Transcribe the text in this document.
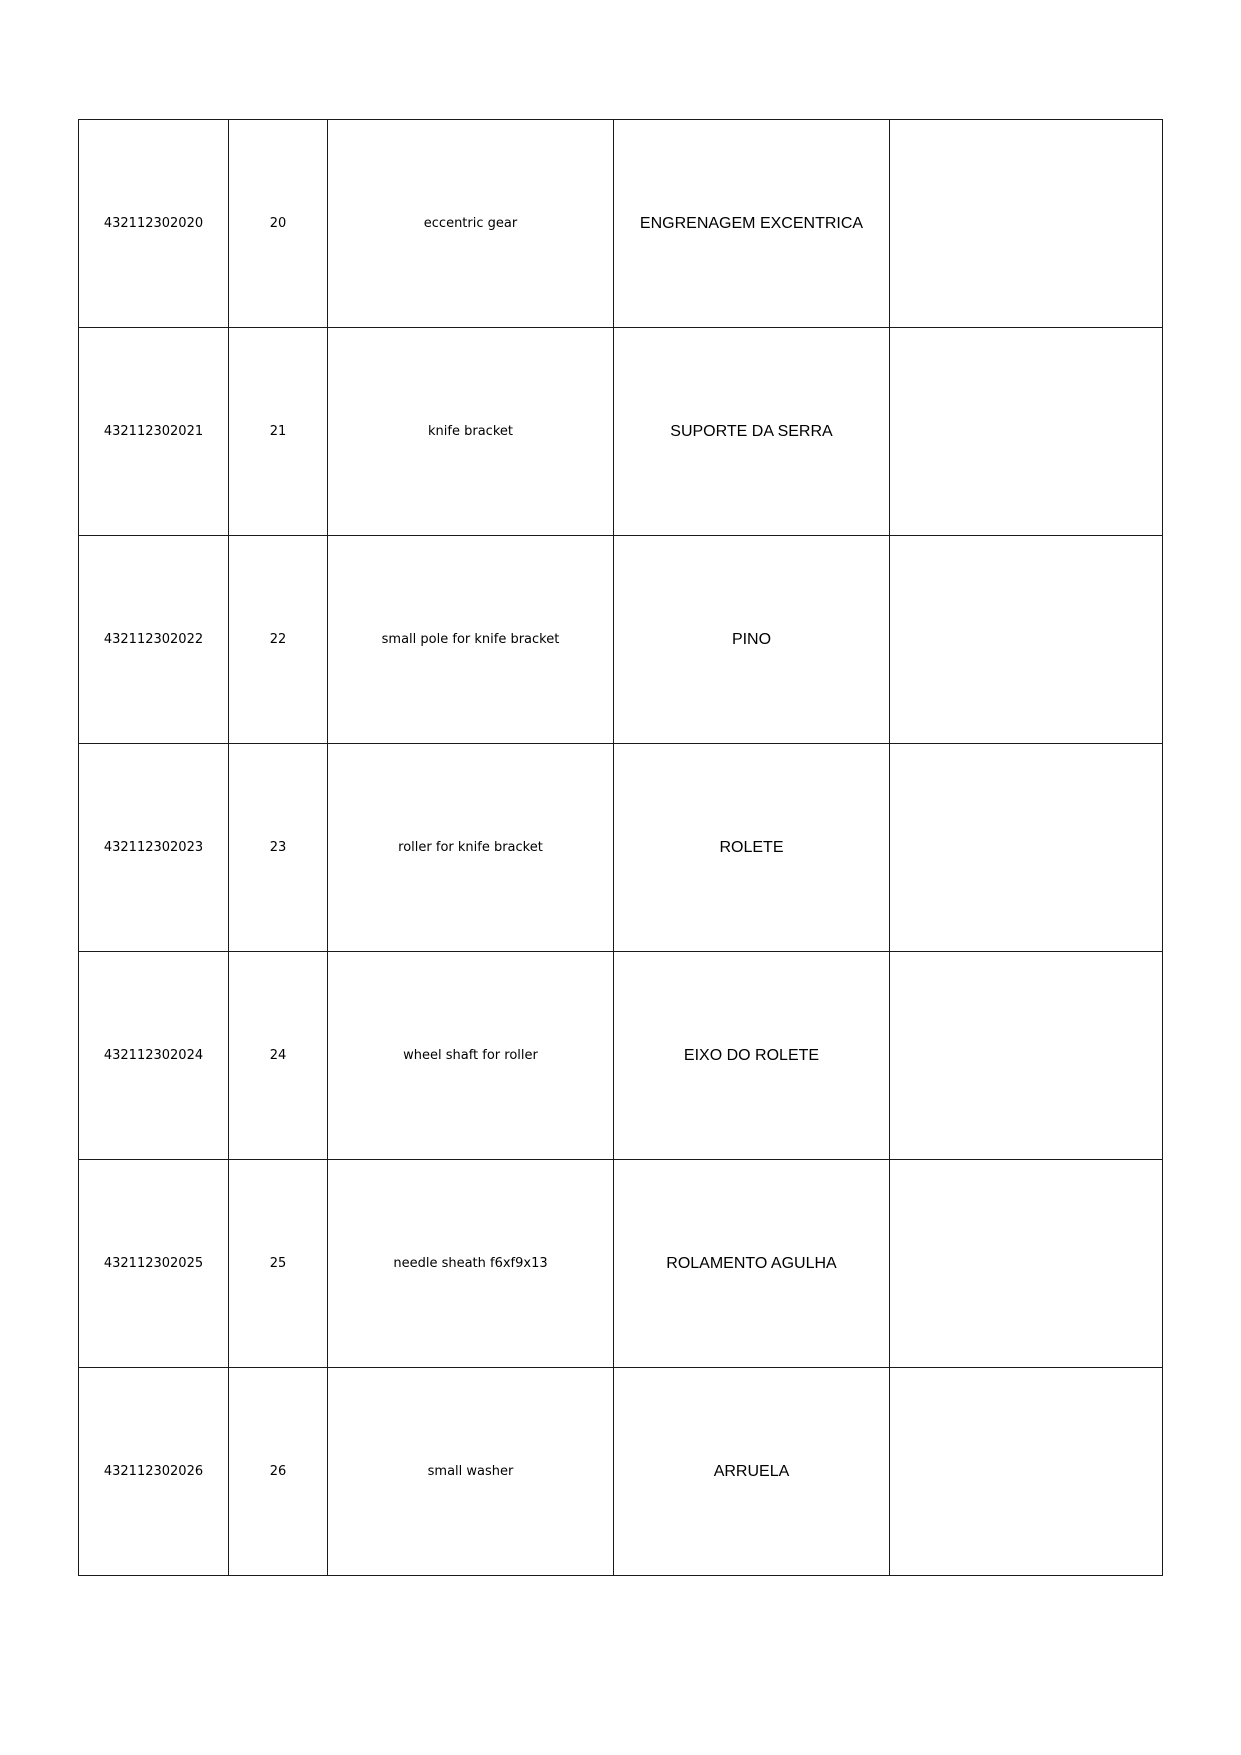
432112302020	20	eccentric gear	ENGRENAGEM EXCENTRICA	
432112302021	21	knife bracket	SUPORTE DA SERRA	
432112302022	22	small pole for knife bracket	PINO	
432112302023	23	roller for knife bracket	ROLETE	
432112302024	24	wheel shaft for roller	EIXO DO ROLETE	
432112302025	25	needle sheath f6xf9x13	ROLAMENTO AGULHA	
432112302026	26	small washer	ARRUELA	
